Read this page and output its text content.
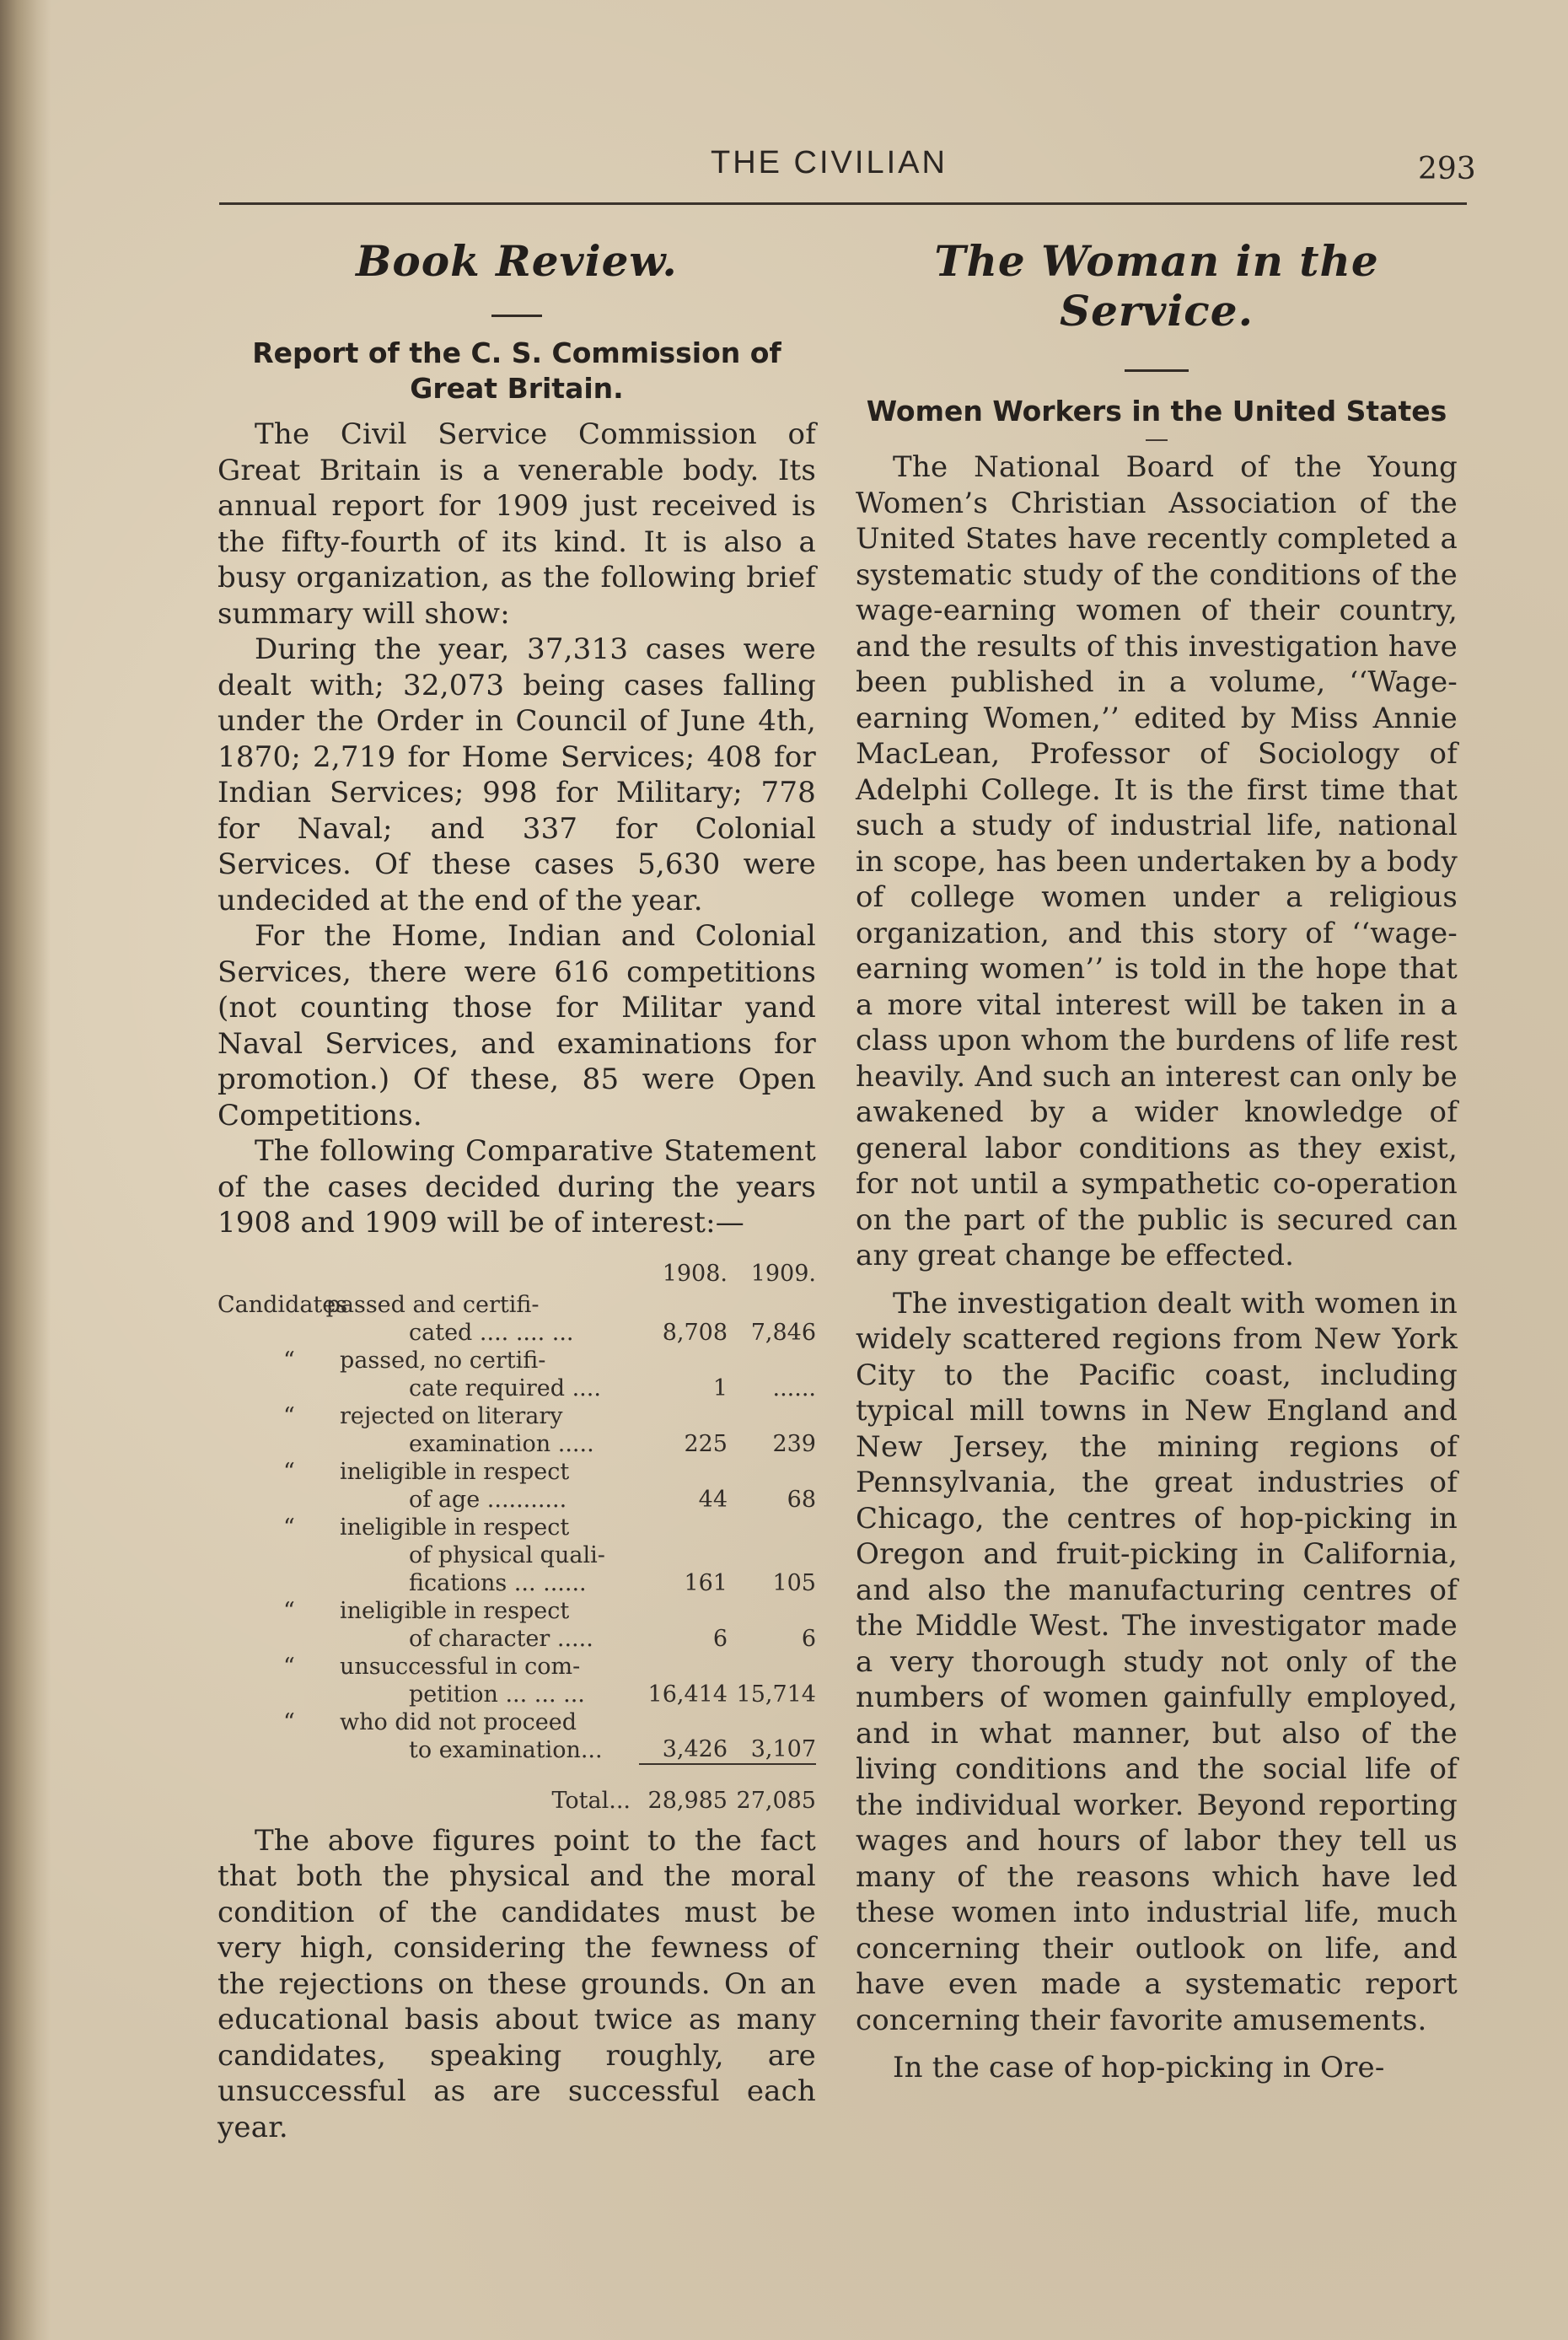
THE CIVILIAN	293
Book Review.
Report of the C. S. Commission of
Great Britain.

The Civil Service Commission of Great Britain is a venerable body. Its annual report for 1909 just received is the fifty-fourth of its kind. It is also a busy organization, as the following brief summary will show:

During the year, 37,313 cases were dealt with; 32,073 being cases falling under the Order in Council of June 4th, 1870; 2,719 for Home Services; 408 for Indian Services; 998 for Military; 778 for Naval; and 337 for Colonial Services. Of these cases 5,630 were undecided at the end of the year.

For the Home, Indian and Colonial Services, there were 616 competitions (not counting those for Militar yand Naval Services, and examinations for promotion.) Of these, 85 were Open Competitions.

The following Comparative Statement of the cases decided during the years 1908 and 1909 will be of interest:—

	1908.	1909.
Candidates passed and certifi-
cated .... .... ...	8,708	7,846
“ passed, no certifi-
cate required ....	1	......
“ rejected on literary
examination .....	225	239
“ ineligible in respect
of age ...........	44	68
“ ineligible in respect
of physical quali-
fications ... ......	161	105
“ ineligible in respect
of character .....	6	6
“ unsuccessful in com-
petition ... ... ...	16,414	15,714
“ who did not proceed
to examination...	3,426	3,107

Total...	28,985	27,085

The above figures point to the fact that both the physical and the moral condition of the candidates must be very high, considering the fewness of the rejections on these grounds. On an educational basis about twice as many candidates, speaking roughly, are unsuccessful as are successful each year.

The Woman in the Service.
Women Workers in the United States

The National Board of the Young Women’s Christian Association of the United States have recently completed a systematic study of the conditions of the wage-earning women of their country, and the results of this investigation have been published in a volume, ‘‘Wage-earning Women,’’ edited by Miss Annie MacLean, Professor of Sociology of Adelphi College. It is the first time that such a study of industrial life, national in scope, has been undertaken by a body of college women under a religious organization, and this story of ‘‘wage-earning women’’ is told in the hope that a more vital interest will be taken in a class upon whom the burdens of life rest heavily. And such an interest can only be awakened by a wider knowledge of general labor conditions as they exist, for not until a sympathetic co-operation on the part of the public is secured can any great change be effected.

The investigation dealt with women in widely scattered regions from New York City to the Pacific coast, including typical mill towns in New England and New Jersey, the mining regions of Pennsylvania, the great industries of Chicago, the centres of hop-picking in Oregon and fruit-picking in California, and also the manufacturing centres of the Middle West. The investigator made a very thorough study not only of the numbers of women gainfully employed, and in what manner, but also of the living conditions and the social life of the individual worker. Beyond reporting wages and hours of labor they tell us many of the reasons which have led these women into industrial life, much concerning their outlook on life, and have even made a systematic report concerning their favorite amusements.

In the case of hop-picking in Ore-
